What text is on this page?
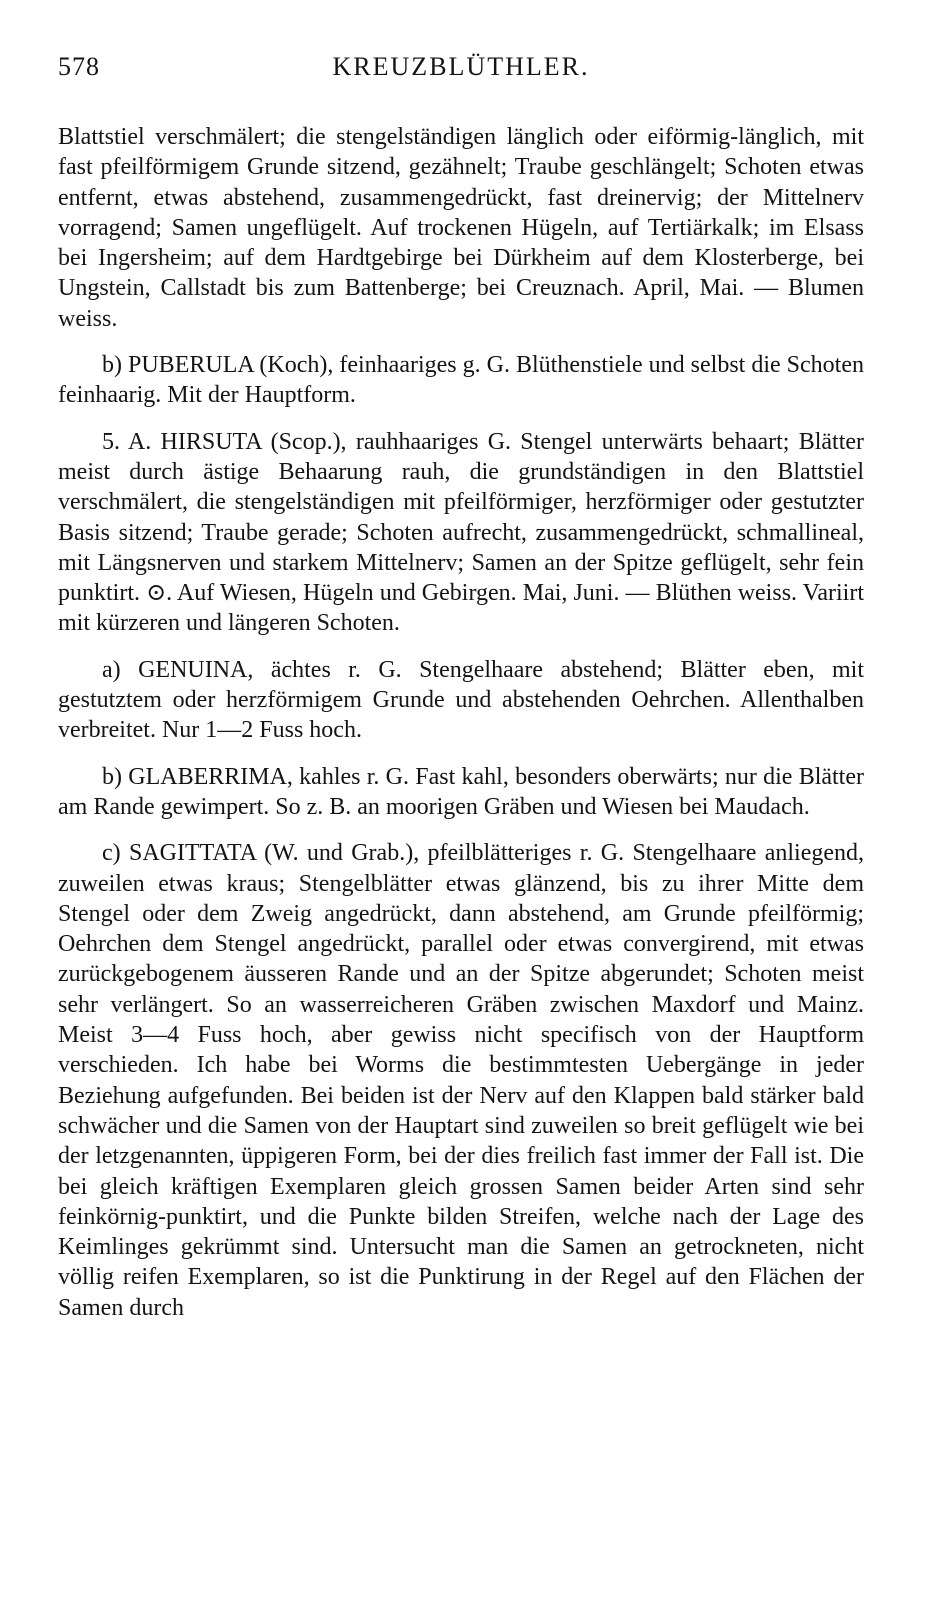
578	KREUZBLÜTHLER.

Blattstiel verschmälert; die stengelständigen länglich oder eiförmig-länglich, mit fast pfeilförmigem Grunde sitzend, gezähnelt; Traube geschlängelt; Schoten etwas entfernt, etwas abstehend, zusammengedrückt, fast dreinervig; der Mittelnerv vorragend; Samen ungeflügelt. Auf trockenen Hügeln, auf Tertiärkalk; im Elsass bei Ingersheim; auf dem Hardtgebirge bei Dürkheim auf dem Klosterberge, bei Ungstein, Callstadt bis zum Battenberge; bei Creuznach. April, Mai. — Blumen weiss.

b) PUBERULA (Koch), feinhaariges g. G. Blüthenstiele und selbst die Schoten feinhaarig. Mit der Hauptform.

5. A. HIRSUTA (Scop.), rauhhaariges G. Stengel unterwärts behaart; Blätter meist durch ästige Behaarung rauh, die grundständigen in den Blattstiel verschmälert, die stengelständigen mit pfeilförmiger, herzförmiger oder gestutzter Basis sitzend; Traube gerade; Schoten aufrecht, zusammengedrückt, schmallineal, mit Längsnerven und starkem Mittelnerv; Samen an der Spitze geflügelt, sehr fein punktirt. ⊙. Auf Wiesen, Hügeln und Gebirgen. Mai, Juni. — Blüthen weiss. Variirt mit kürzeren und längeren Schoten.

a) GENUINA, ächtes r. G. Stengelhaare abstehend; Blätter eben, mit gestutztem oder herzförmigem Grunde und abstehenden Oehrchen. Allenthalben verbreitet. Nur 1—2 Fuss hoch.

b) GLABERRIMA, kahles r. G. Fast kahl, besonders oberwärts; nur die Blätter am Rande gewimpert. So z. B. an moorigen Gräben und Wiesen bei Maudach.

c) SAGITTATA (W. und Grab.), pfeilblätteriges r. G. Stengelhaare anliegend, zuweilen etwas kraus; Stengelblätter etwas glänzend, bis zu ihrer Mitte dem Stengel oder dem Zweig angedrückt, dann abstehend, am Grunde pfeilförmig; Oehrchen dem Stengel angedrückt, parallel oder etwas convergirend, mit etwas zurückgebogenem äusseren Rande und an der Spitze abgerundet; Schoten meist sehr verlängert. So an wasserreicheren Gräben zwischen Maxdorf und Mainz. Meist 3—4 Fuss hoch, aber gewiss nicht specifisch von der Hauptform verschieden. Ich habe bei Worms die bestimmtesten Uebergänge in jeder Beziehung aufgefunden. Bei beiden ist der Nerv auf den Klappen bald stärker bald schwächer und die Samen von der Hauptart sind zuweilen so breit geflügelt wie bei der letzgenannten, üppigeren Form, bei der dies freilich fast immer der Fall ist. Die bei gleich kräftigen Exemplaren gleich grossen Samen beider Arten sind sehr feinkörnig-punktirt, und die Punkte bilden Streifen, welche nach der Lage des Keimlinges gekrümmt sind. Untersucht man die Samen an getrockneten, nicht völlig reifen Exemplaren, so ist die Punktirung in der Regel auf den Flächen der Samen durch
